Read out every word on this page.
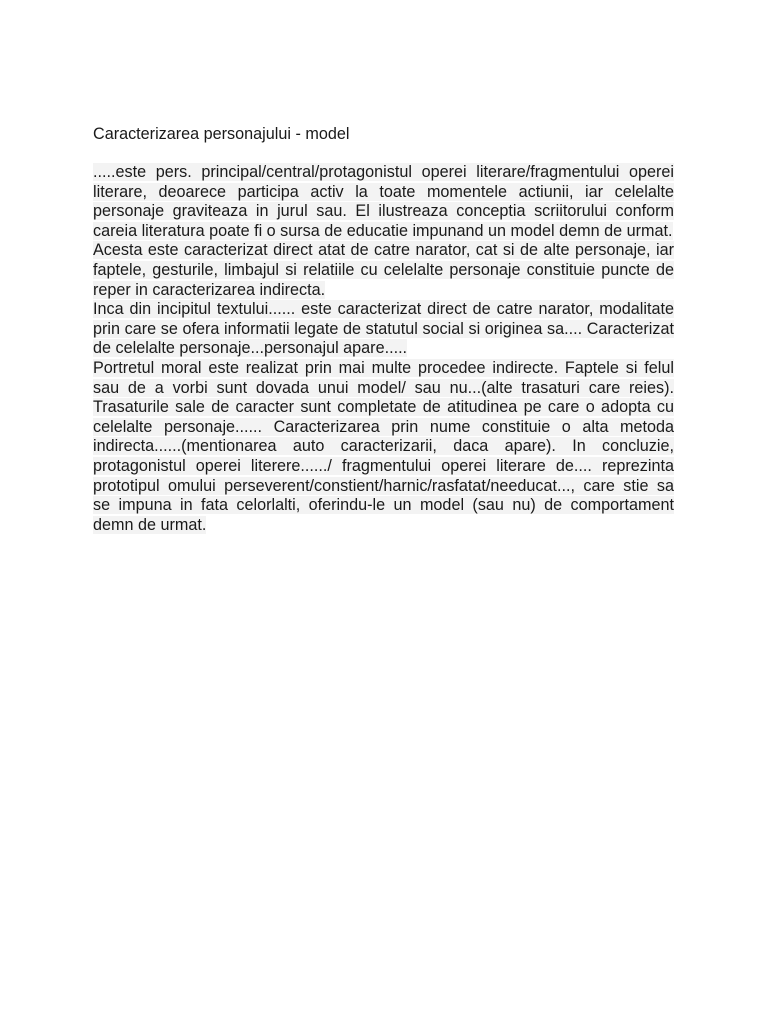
Caracterizarea personajului - model

.....este pers. principal/central/protagonistul operei literare/fragmentului operei literare, deoarece participa activ la toate momentele actiunii, iar celelalte personaje graviteaza in jurul sau. El ilustreaza conceptia scriitorului conform careia literatura poate fi o sursa de educatie impunand un model demn de urmat.

Acesta este caracterizat direct atat de catre narator, cat si de alte personaje, iar faptele, gesturile, limbajul si relatiile cu celelalte personaje constituie puncte de reper in caracterizarea indirecta.

Inca din incipitul textului...... este caracterizat direct de catre narator, modalitate prin care se ofera informatii legate de statutul social si originea sa.... Caracterizat de celelalte personaje...personajul apare.....

Portretul moral este realizat prin mai multe procedee indirecte. Faptele si felul sau de a vorbi sunt dovada unui model/ sau nu...(alte trasaturi care reies). Trasaturile sale de caracter sunt completate de atitudinea pe care o adopta cu celelalte personaje...... Caracterizarea prin nume constituie o alta metoda indirecta......(mentionarea auto caracterizarii, daca apare). In concluzie, protagonistul operei literere....../ fragmentului operei literare de.... reprezinta prototipul omului perseverent/constient/harnic/rasfatat/needucat..., care stie sa se impuna in fata celorlalti, oferindu-le un model (sau nu) de comportament demn de urmat.
